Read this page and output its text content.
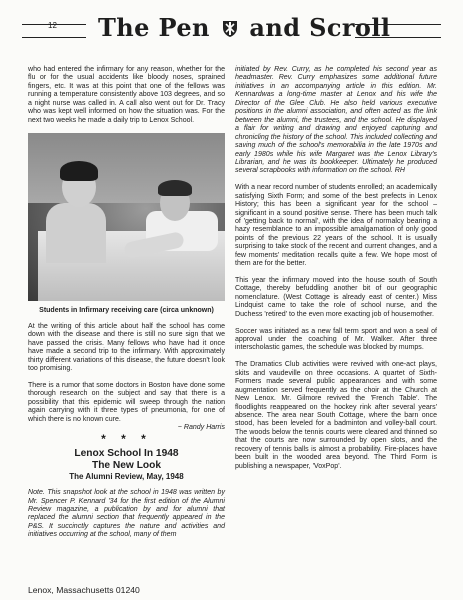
12 The Pen and Scroll

who had entered the infirmary for any reason, whether for the flu or for the usual accidents like bloody noses, sprained fingers, etc. It was at this point that one of the fellows was running a temperature consistently above 103 degrees, and so a night nurse was called in. A call also went out for Dr. Tracy who was kept well informed on how the situation was. For the next two weeks he made a daily trip to Lenox School.

Students in Infirmary receiving care (circa unknown)

At the writing of this article about half the school has come down with the disease and there is still no sure sign that we have passed the crisis. Many fellows who have had it once have made a second trip to the infirmary. With approximately thirty different variations of this disease, the future doesn't look too promising.

There is a rumor that some doctors in Boston have done some thorough research on the subject and say that there is a possibility that this epidemic will sweep through the nation again carrying with it three types of pneumonia, for one of which there is no known cure.

~ Randy Harris
* * *
Lenox School In 1948
The New Look
The Alumni Review, May, 1948

Note. This snapshot look at the school in 1948 was written by Mr. Spencer P. Kennard '34 for the first edition of the Alumni Review magazine, a publication by and for alumni that replaced the alumni section that frequently appeared in the P&S. It succinctly captures the nature and activities and initiatives occurring at the school, many of them

initiated by Rev. Curry, as he completed his second year as headmaster. Rev. Curry emphasizes some additional future initiatives in an accompanying article in this edition. Mr. Kennardwas a long-time master at Lenox and his wife the Director of the Glee Club. He also held various executive positions in the alumni association, and often acted as the link between the alumni, the trustees, and the school. He displayed a flair for writing and drawing and enjoyed capturing and chronicling the history of the school. This included collecting and saving much of the school's memorabilia in the late 1970s and early 1980s while his wife Margaret was the Lenox Library's Librarian, and he was its bookkeeper. Ultimately he produced several scrapbooks with information on the school. RH

With a near record number of students enrolled; an academically satisfying Sixth Form; and some of the best prefects in Lenox History; this has been a significant year for the school – significant in a sound positive sense. There has been much talk of 'getting back to normal', with the idea of normalcy bearing a hazy resemblance to an impossible amalgamation of only good points of the previous 22 years of the school. It is usually surprising to take stock of the recent and current changes, and a few moments' meditation recalls quite a few. We hope most of them are for the better.

This year the infirmary moved into the house south of South Cottage, thereby befuddling another bit of our geographic nomenclature. (West Cottage is already east of center.) Miss Lindquist came to take the role of school nurse, and the Duchess 'retired' to the even more exacting job of housemother.

Soccer was initiated as a new fall term sport and won a seal of approval under the coaching of Mr. Walker. After three interscholastic games, the schedule was blocked by mumps.

The Dramatics Club activities were revived with one-act plays, skits and vaudeville on three occasions. A quartet of Sixth-Formers made several public appearances and with some augmentation served frequently as the choir at the Church at New Lenox. Mr. Gilmore revived the 'French Table'. The floodlights reappeared on the hockey rink after several years' absence. The area near South Cottage, where the barn once stood, has been leveled for a badminton and volley-ball court. The woods below the tennis courts were cleared and thinned so that the courts are now surrounded by open slots, and the recovery of tennis balls is almost a probability. Fire-places have been built in the wooded area beyond. The Third Form is publishing a newspaper, 'VoxPop'.

Lenox, Massachusetts 01240
